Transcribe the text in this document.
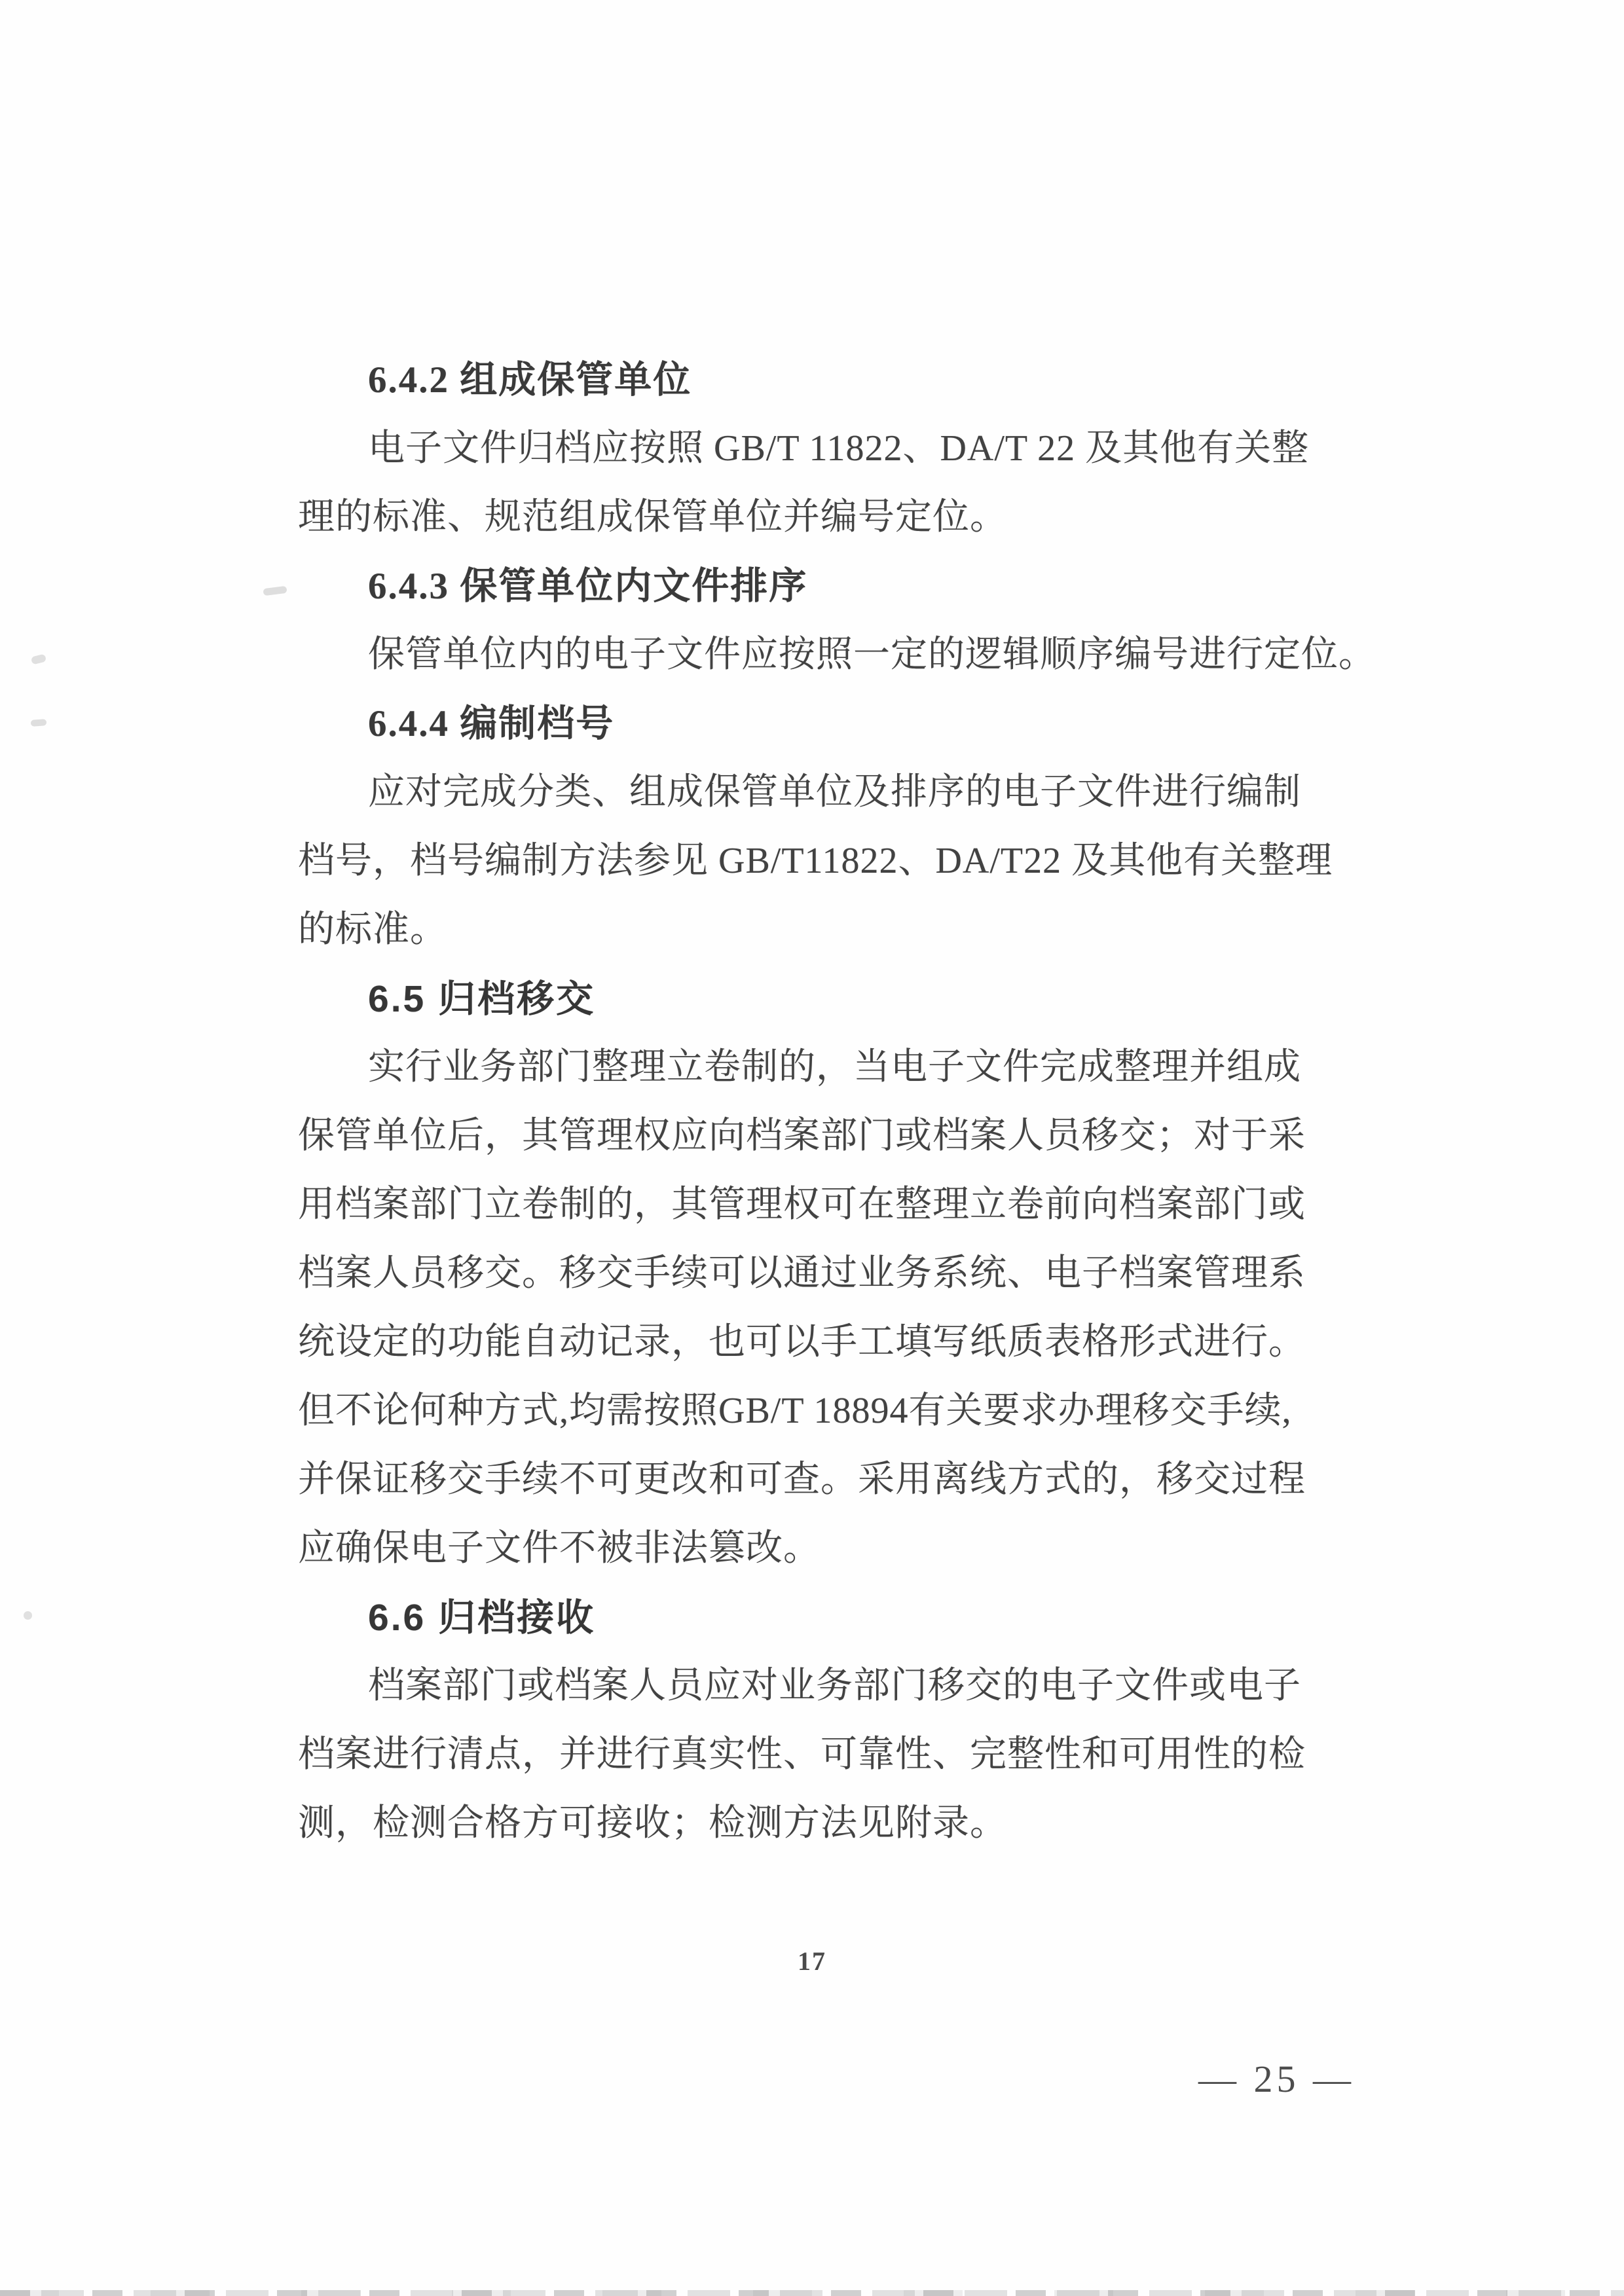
6.4.2 组成保管单位
电子文件归档应按照 GB/T 11822、DA/T 22 及其他有关整
理的标准、规范组成保管单位并编号定位。
6.4.3 保管单位内文件排序
保管单位内的电子文件应按照一定的逻辑顺序编号进行定位。
6.4.4 编制档号
应对完成分类、组成保管单位及排序的电子文件进行编制
档号，档号编制方法参见 GB/T11822、DA/T22 及其他有关整理
的标准。
6.5 归档移交
实行业务部门整理立卷制的，当电子文件完成整理并组成
保管单位后，其管理权应向档案部门或档案人员移交；对于采
用档案部门立卷制的，其管理权可在整理立卷前向档案部门或
档案人员移交。移交手续可以通过业务系统、电子档案管理系
统设定的功能自动记录，也可以手工填写纸质表格形式进行。
但不论何种方式,均需按照GB/T 18894有关要求办理移交手续,
并保证移交手续不可更改和可查。采用离线方式的，移交过程
应确保电子文件不被非法篡改。
6.6 归档接收
档案部门或档案人员应对业务部门移交的电子文件或电子
档案进行清点，并进行真实性、可靠性、完整性和可用性的检
测，检测合格方可接收；检测方法见附录。
17
— 25 —
